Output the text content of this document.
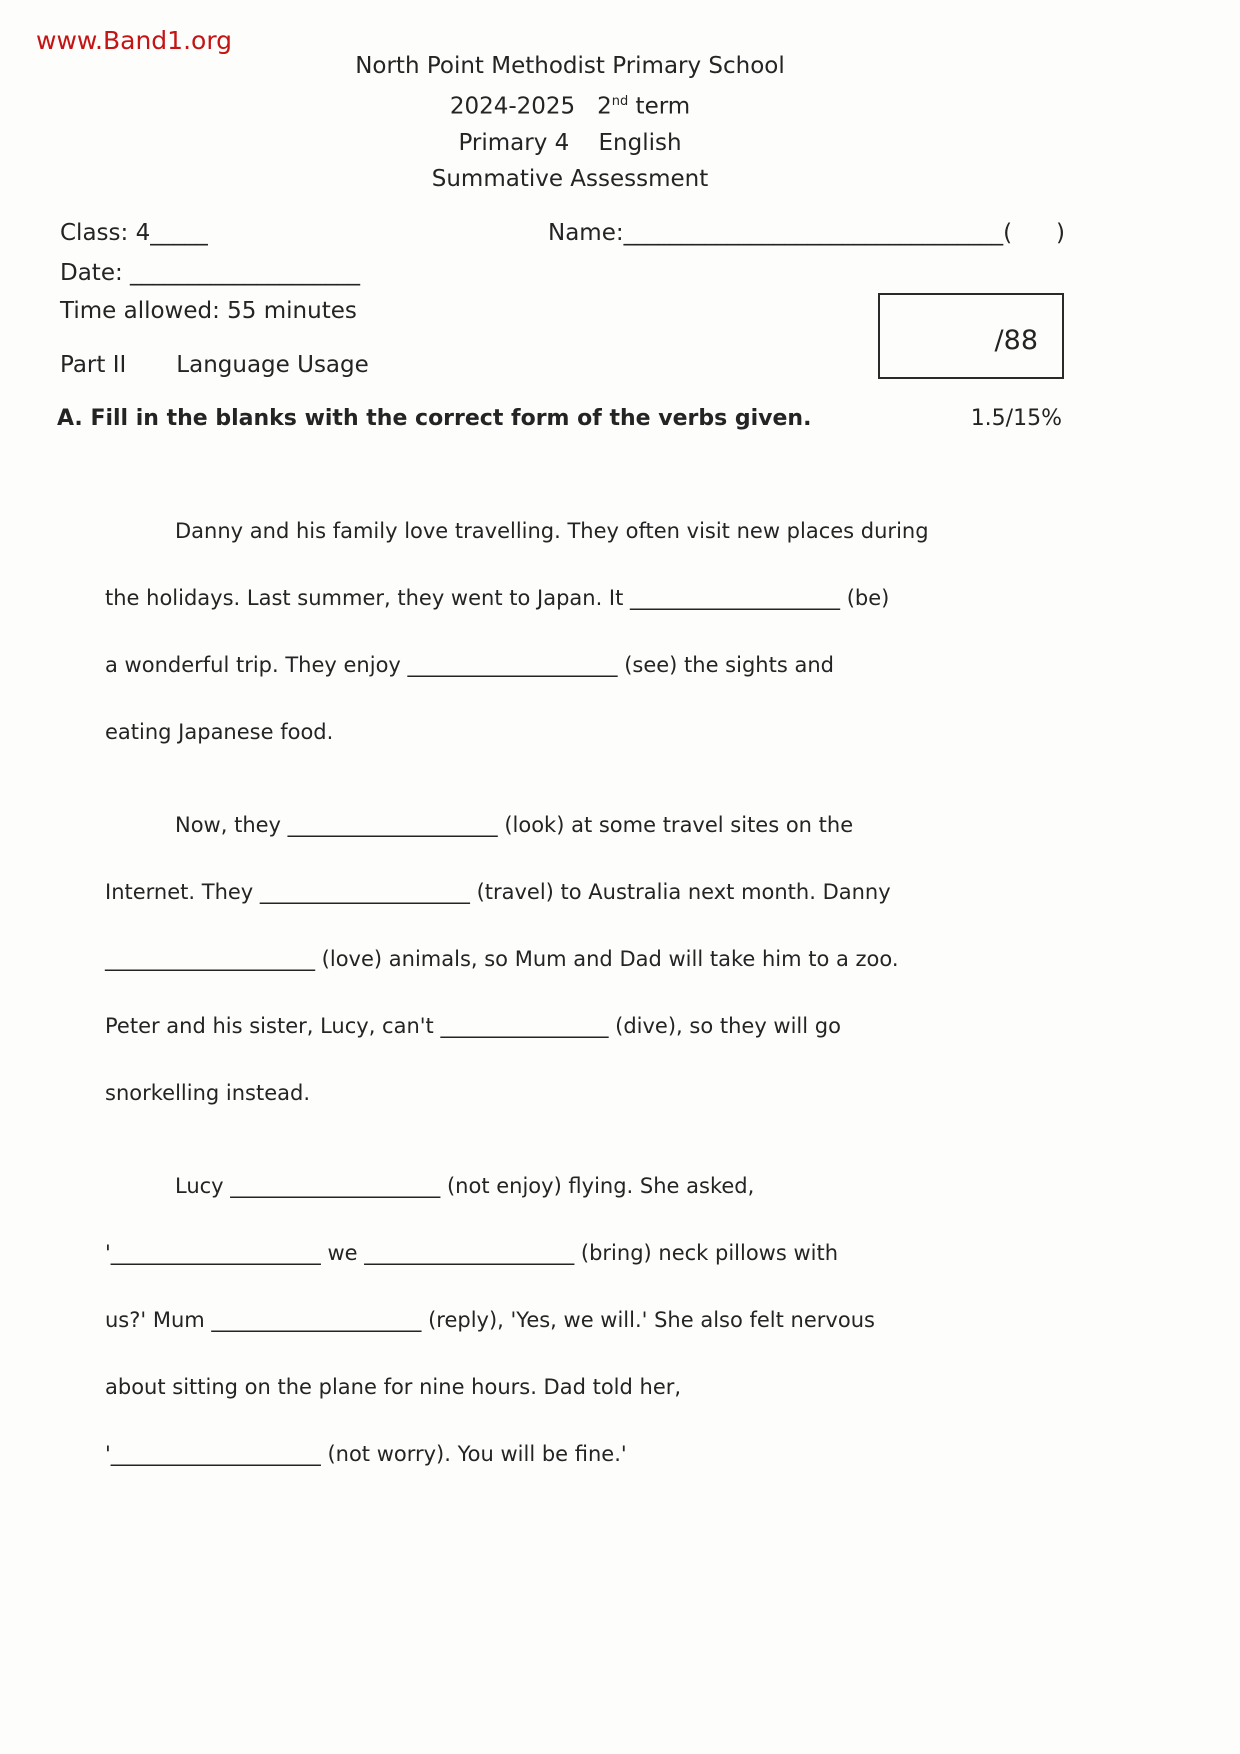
www.Band1.org
North Point Methodist Primary School
2024-2025   2nd term
Primary 4    English
Summative Assessment
Class: 4_____	Name:_________________________________(      )
Date: ____________________
Time allowed: 55 minutes
/88
Part II Language Usage
A. Fill in the blanks with the correct form of the verbs given.	1.5/15%

Danny and his family love travelling. They often visit new places during
the holidays. Last summer, they went to Japan. It ____________________ (be)
a wonderful trip. They enjoy ____________________ (see) the sights and
eating Japanese food.

Now, they ____________________ (look) at some travel sites on the
Internet. They ____________________ (travel) to Australia next month. Danny
____________________ (love) animals, so Mum and Dad will take him to a zoo.
Peter and his sister, Lucy, can't ________________ (dive), so they will go
snorkelling instead.

Lucy ____________________ (not enjoy) flying. She asked,
'____________________ we ____________________ (bring) neck pillows with
us?' Mum ____________________ (reply), 'Yes, we will.' She also felt nervous
about sitting on the plane for nine hours. Dad told her,
'____________________ (not worry). You will be fine.'
